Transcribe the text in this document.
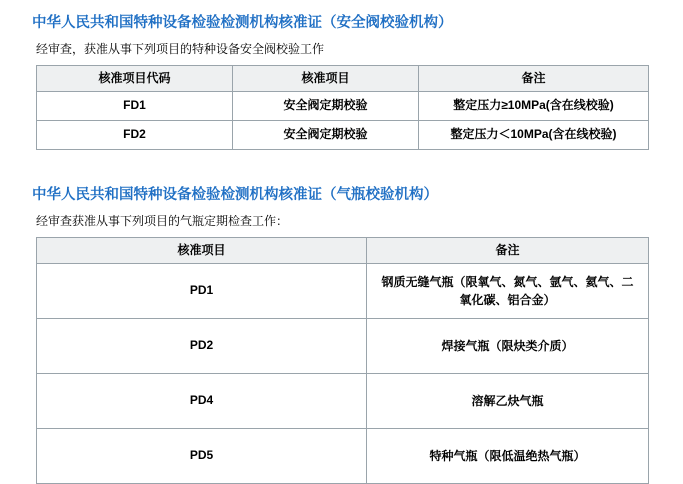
中华人民共和国特种设备检验检测机构核准证（安全阀校验机构）
经审查，获准从事下列项目的特种设备安全阀校验工作
核准项目代码	核准项目	备注
FD1	安全阀定期校验	整定压力≥10MPa(含在线校验)
FD2	安全阀定期校验	整定压力＜10MPa(含在线校验)
中华人民共和国特种设备检验检测机构核准证（气瓶校验机构）
经审查获准从事下列项目的气瓶定期检查工作：
核准项目	备注
PD1	钢质无缝气瓶（限氧气、氮气、氩气、氦气、二氧化碳、铝合金）
PD2	焊接气瓶（限炔类介质）
PD4	溶解乙炔气瓶
PD5	特种气瓶（限低温绝热气瓶）
